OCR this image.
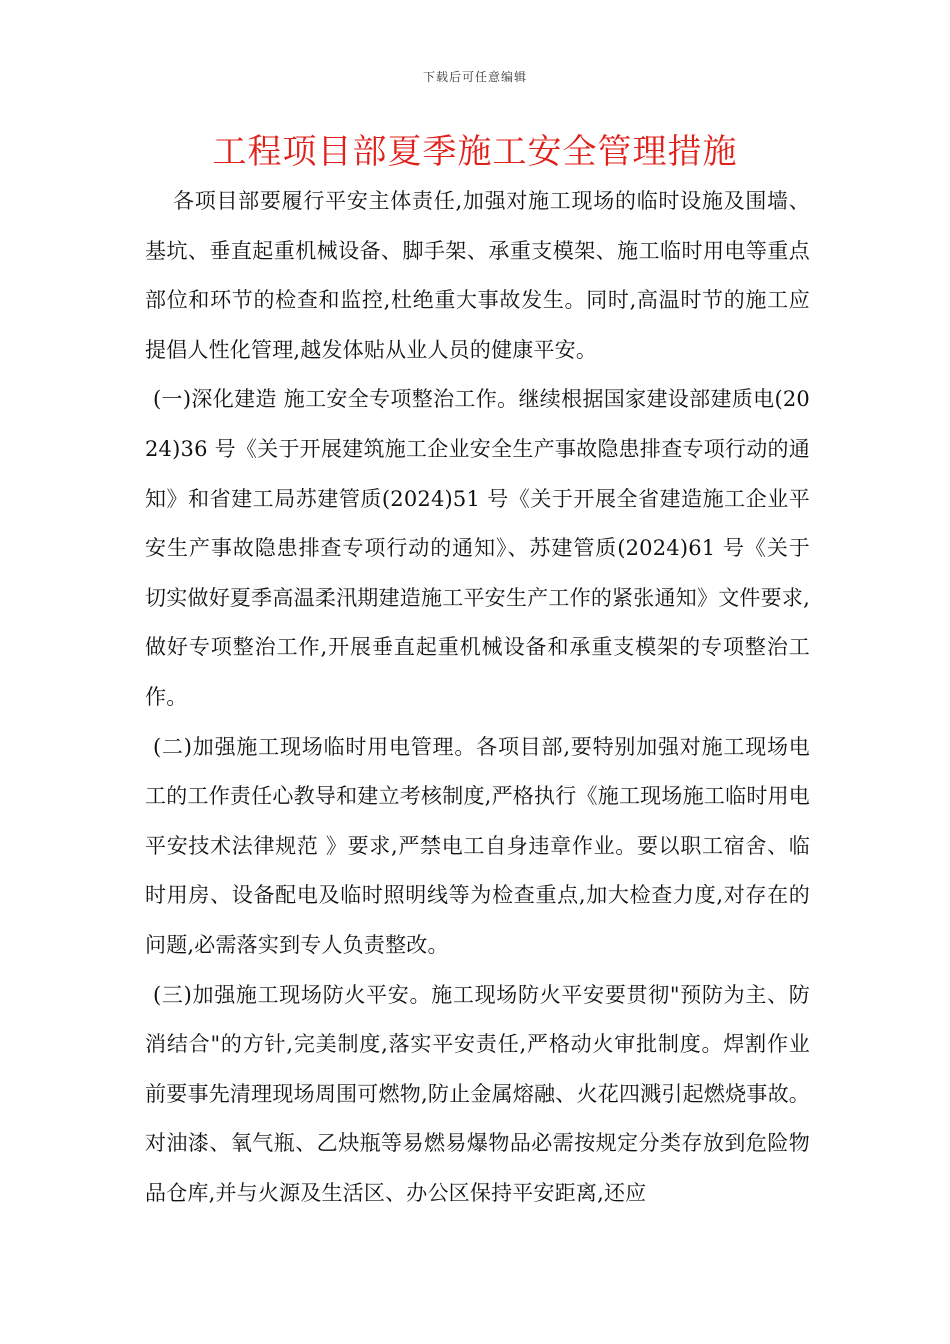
下载后可任意编辑
工程项目部夏季施工安全管理措施

各项目部要履行平安主体责任,加强对施工现场的临时设施及围墙、基坑、垂直起重机械设备、脚手架、承重支模架、施工临时用电等重点部位和环节的检查和监控,杜绝重大事故发生。同时,高温时节的施工应提倡人性化管理,越发体贴从业人员的健康平安。

(一)深化建造 施工安全专项整治工作。继续根据国家建设部建质电(2024)36 号《关于开展建筑施工企业安全生产事故隐患排查专项行动的通知》和省建工局苏建管质(2024)51 号《关于开展全省建造施工企业平安生产事故隐患排查专项行动的通知》、苏建管质(2024)61 号《关于切实做好夏季高温柔汛期建造施工平安生产工作的紧张通知》文件要求,做好专项整治工作,开展垂直起重机械设备和承重支模架的专项整治工作。

(二)加强施工现场临时用电管理。各项目部,要特别加强对施工现场电工的工作责任心教导和建立考核制度,严格执行《施工现场施工临时用电平安技术法律规范 》要求,严禁电工自身违章作业。要以职工宿舍、临时用房、设备配电及临时照明线等为检查重点,加大检查力度,对存在的问题,必需落实到专人负责整改。

(三)加强施工现场防火平安。施工现场防火平安要贯彻"预防为主、防消结合"的方针,完美制度,落实平安责任,严格动火审批制度。焊割作业前要事先清理现场周围可燃物,防止金属熔融、火花四溅引起燃烧事故。对油漆、氧气瓶、乙炔瓶等易燃易爆物品必需按规定分类存放到危险物品仓库,并与火源及生活区、办公区保持平安距离,还应
